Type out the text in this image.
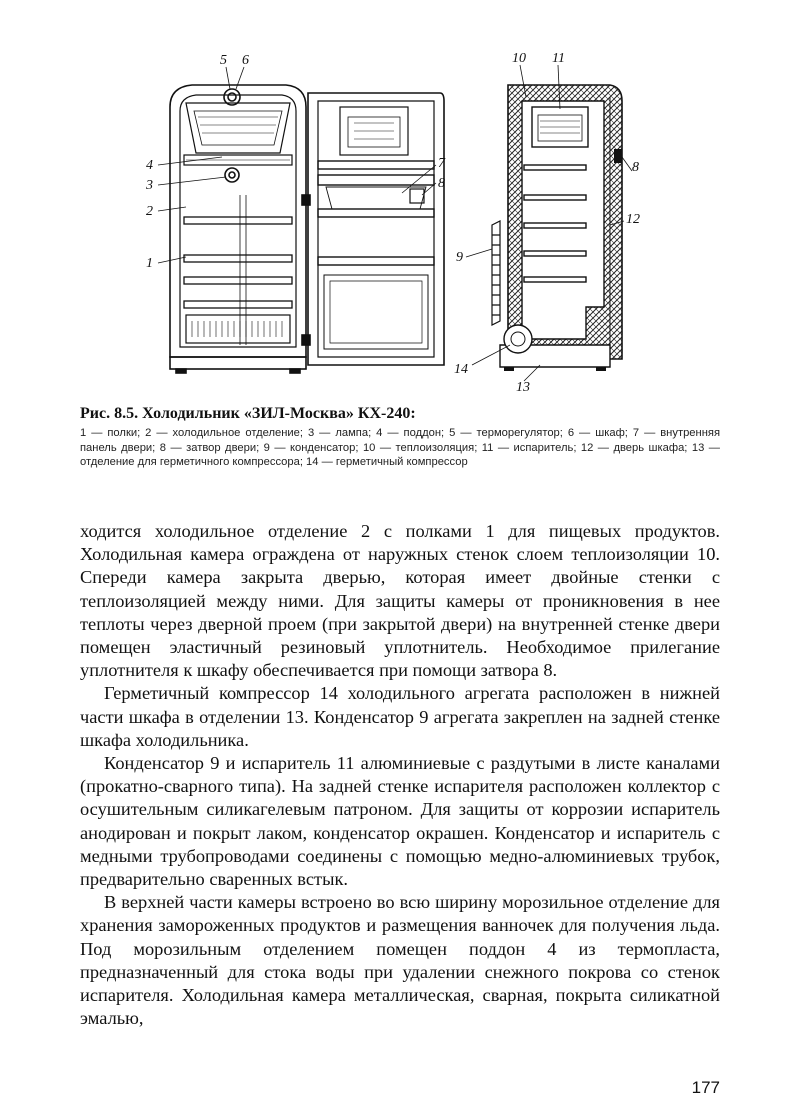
5 6
4
3
2
1
7
8
10 11
8
12
9
14
13

Рис. 8.5. Холодильник «ЗИЛ-Москва» КХ-240:

1 — полки; 2 — холодильное отделение; 3 — лампа; 4 — поддон; 5 — терморегулятор; 6 — шкаф; 7 — внутренняя панель двери; 8 — затвор двери; 9 — конденсатор; 10 — теплоизоляция; 11 — испаритель; 12 — дверь шкафа; 13 — отделение для герметичного компрессора; 14 — герметичный компрессор

ходится холодильное отделение 2 с полками 1 для пищевых продуктов. Холодильная камера ограждена от наружных стенок слоем теплоизоляции 10. Спереди камера закрыта дверью, которая имеет двойные стенки с теплоизоляцией между ними. Для защиты камеры от проникновения в нее теплоты через дверной проем (при закрытой двери) на внутренней стенке двери помещен эластичный резиновый уплотнитель. Необходимое прилегание уплотнителя к шкафу обеспечивается при помощи затвора 8.

Герметичный компрессор 14 холодильного агрегата расположен в нижней части шкафа в отделении 13. Конденсатор 9 агрегата закреплен на задней стенке шкафа холодильника.

Конденсатор 9 и испаритель 11 алюминиевые с раздутыми в листе каналами (прокатно-сварного типа). На задней стенке испарителя расположен коллектор с осушительным силикагелевым патроном. Для защиты от коррозии испаритель анодирован и покрыт лаком, конденсатор окрашен. Конденсатор и испаритель с медными трубопроводами соединены с помощью медно-алюминиевых трубок, предварительно сваренных встык.

В верхней части камеры встроено во всю ширину морозильное отделение для хранения замороженных продуктов и размещения ванночек для получения льда. Под морозильным отделением помещен поддон 4 из термопласта, предназначенный для стока воды при удалении снежного покрова со стенок испарителя. Холодильная камера металлическая, сварная, покрыта силикатной эмалью,

177
